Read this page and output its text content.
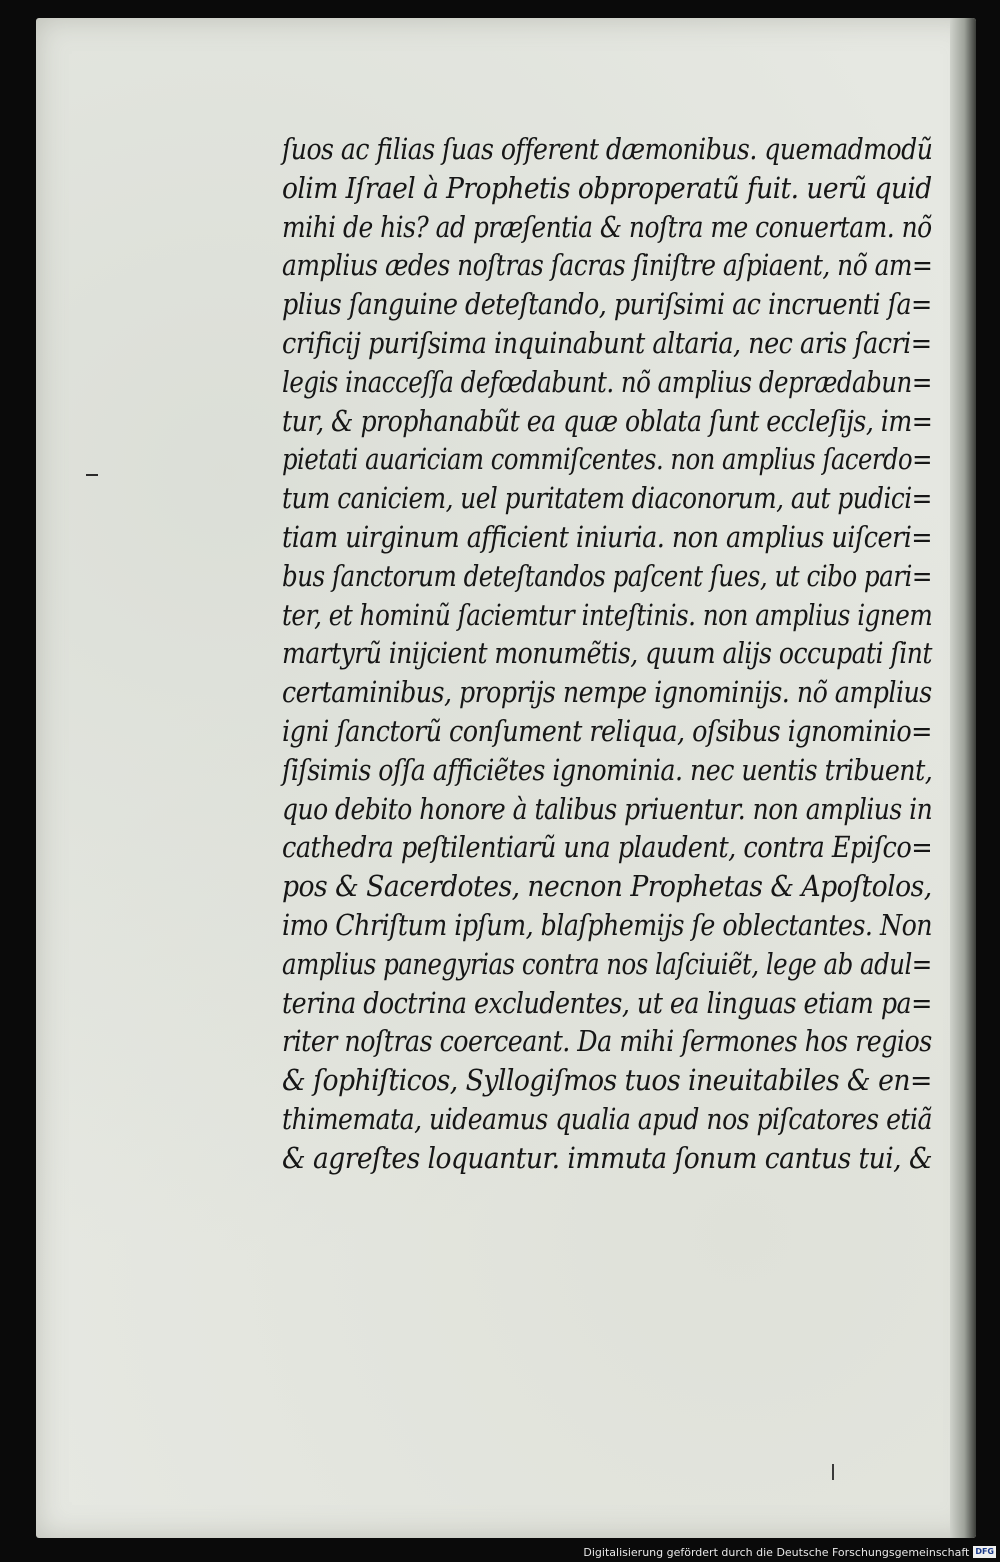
ſuos ac filias ſuas offerent dæmonibus. quemadmodũ
olim Iſrael à Prophetis obproperatũ fuit. uerũ quid
mihi de his? ad præſentia & noſtra me conuertam. nõ
amplius ædes noſtras ſacras ſiniſtre aſpiaent, nõ am=
plius ſanguine deteſtando, puriſsimi ac incruenti ſa=
crificij puriſsima inquinabunt altaria, nec aris ſacri=
legis inacceſſa defœdabunt. nõ amplius deprædabun=
tur, & prophanabũt ea quæ oblata ſunt eccleſijs, im=
pietati auariciam commiſcentes. non amplius ſacerdo=
tum caniciem, uel puritatem diaconorum, aut pudici=
tiam uirginum afficient iniuria. non amplius uiſceri=
bus ſanctorum deteſtandos paſcent ſues, ut cibo pari=
ter, et hominũ ſaciemtur inteſtinis. non amplius ignem
martyrũ inijcient monumẽtis, quum alijs occupati ſint
certaminibus, proprijs nempe ignominijs. nõ amplius
igni ſanctorũ conſument reliqua, oſsibus ignominio=
ſiſsimis oſſa afficiẽtes ignominia. nec uentis tribuent,
quo debito honore à talibus priuentur. non amplius in
cathedra peſtilentiarũ una plaudent, contra Epiſco=
pos & Sacerdotes, necnon Prophetas & Apoſtolos,
imo Chriſtum ipſum, blaſphemijs ſe oblectantes. Non
amplius panegyrias contra nos laſciuiẽt, lege ab adul=
terina doctrina excludentes, ut ea linguas etiam pa=
riter noſtras coerceant. Da mihi ſermones hos regios
& ſophiſticos, Syllogiſmos tuos ineuitabiles & en=
thimemata, uideamus qualia apud nos piſcatores etiã
& agreſtes loquantur. immuta ſonum cantus tui, &
Digitalisierung gefördert durch die Deutsche Forschungsgemeinschaft DFG
